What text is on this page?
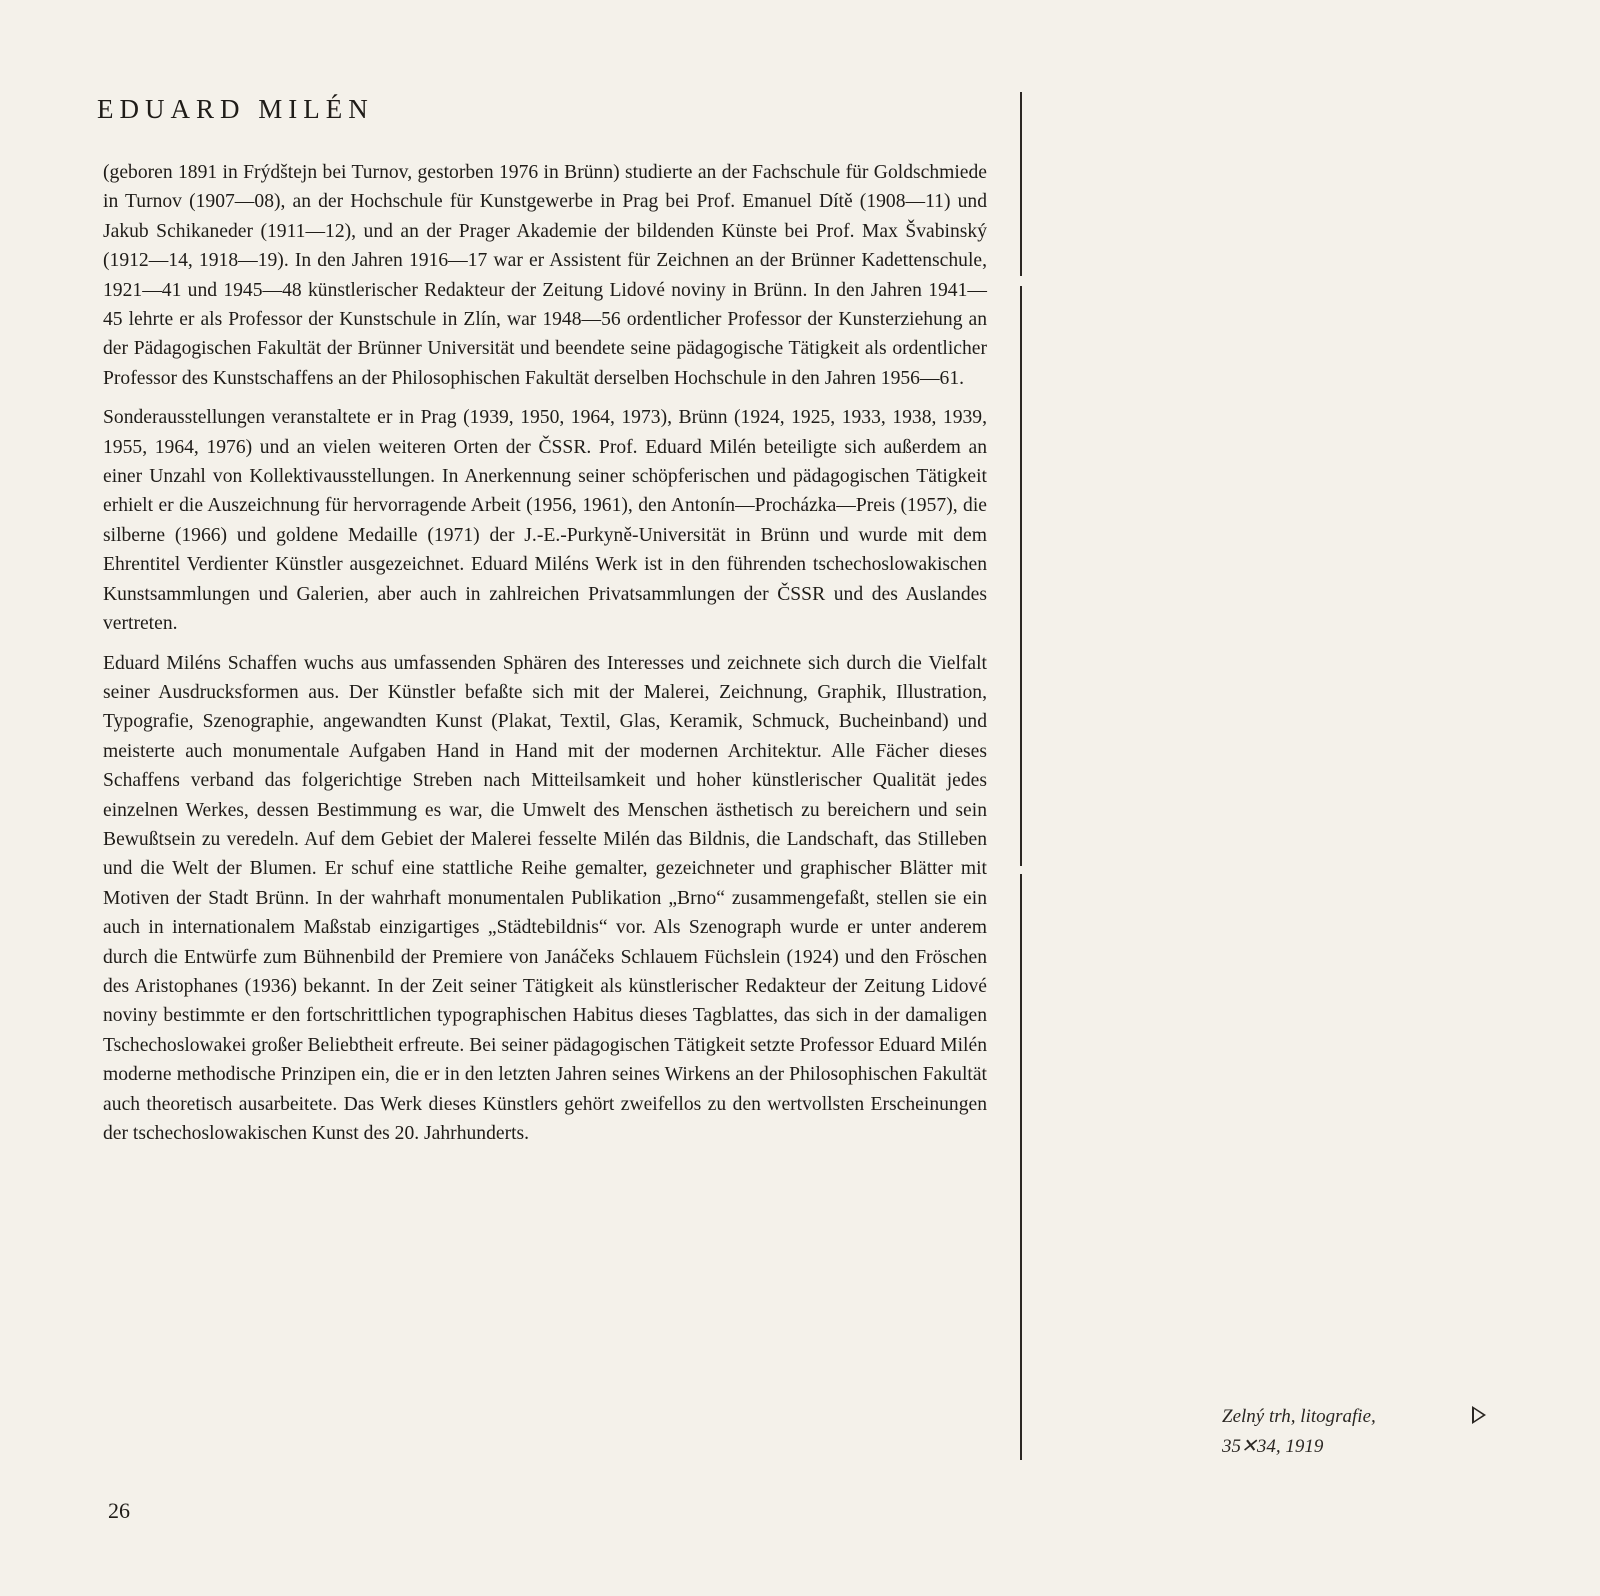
EDUARD MILÉN

(geboren 1891 in Frýdštejn bei Turnov, gestorben 1976 in Brünn) studierte an der Fachschule für Goldschmiede in Turnov (1907—08), an der Hochschule für Kunstgewerbe in Prag bei Prof. Emanuel Dítě (1908—11) und Jakub Schikaneder (1911—12), und an der Prager Akademie der bildenden Künste bei Prof. Max Švabinský (1912—14, 1918—19). In den Jahren 1916—17 war er Assistent für Zeichnen an der Brünner Kadettenschule, 1921—41 und 1945—48 künstlerischer Redakteur der Zeitung Lidové noviny in Brünn. In den Jahren 1941—45 lehrte er als Professor der Kunstschule in Zlín, war 1948—56 ordentlicher Professor der Kunsterziehung an der Pädagogischen Fakultät der Brünner Universität und beendete seine pädagogische Tätigkeit als ordentlicher Professor des Kunstschaffens an der Philosophischen Fakultät derselben Hochschule in den Jahren 1956—61.

Sonderausstellungen veranstaltete er in Prag (1939, 1950, 1964, 1973), Brünn (1924, 1925, 1933, 1938, 1939, 1955, 1964, 1976) und an vielen weiteren Orten der ČSSR. Prof. Eduard Milén beteiligte sich außerdem an einer Unzahl von Kollektivausstellungen. In Anerkennung seiner schöpferischen und pädagogischen Tätigkeit erhielt er die Auszeichnung für hervorragende Arbeit (1956, 1961), den Antonín—Procházka—Preis (1957), die silberne (1966) und goldene Medaille (1971) der J.-E.-Purkyně-Universität in Brünn und wurde mit dem Ehrentitel Verdienter Künstler ausgezeichnet. Eduard Miléns Werk ist in den führenden tschechoslowakischen Kunstsammlungen und Galerien, aber auch in zahlreichen Privatsammlungen der ČSSR und des Auslandes vertreten.

Eduard Miléns Schaffen wuchs aus umfassenden Sphären des Interesses und zeichnete sich durch die Vielfalt seiner Ausdrucksformen aus. Der Künstler befaßte sich mit der Malerei, Zeichnung, Graphik, Illustration, Typografie, Szenographie, angewandten Kunst (Plakat, Textil, Glas, Keramik, Schmuck, Bucheinband) und meisterte auch monumentale Aufgaben Hand in Hand mit der modernen Architektur. Alle Fächer dieses Schaffens verband das folgerichtige Streben nach Mitteilsamkeit und hoher künstlerischer Qualität jedes einzelnen Werkes, dessen Bestimmung es war, die Umwelt des Menschen ästhetisch zu bereichern und sein Bewußtsein zu veredeln. Auf dem Gebiet der Malerei fesselte Milén das Bildnis, die Landschaft, das Stilleben und die Welt der Blumen. Er schuf eine stattliche Reihe gemalter, gezeichneter und graphischer Blätter mit Motiven der Stadt Brünn. In der wahrhaft monumentalen Publikation „Brno“ zusammengefaßt, stellen sie ein auch in internationalem Maßstab einzigartiges „Städtebildnis“ vor. Als Szenograph wurde er unter anderem durch die Entwürfe zum Bühnenbild der Premiere von Janáčeks Schlauem Füchslein (1924) und den Fröschen des Aristophanes (1936) bekannt. In der Zeit seiner Tätigkeit als künstlerischer Redakteur der Zeitung Lidové noviny bestimmte er den fortschrittlichen typographischen Habitus dieses Tagblattes, das sich in der damaligen Tschechoslowakei großer Beliebtheit erfreute. Bei seiner pädagogischen Tätigkeit setzte Professor Eduard Milén moderne methodische Prinzipen ein, die er in den letzten Jahren seines Wirkens an der Philosophischen Fakultät auch theoretisch ausarbeitete. Das Werk dieses Künstlers gehört zweifellos zu den wertvollsten Erscheinungen der tschechoslowakischen Kunst des 20. Jahrhunderts.

Zelný trh, litografie,
35✕34, 1919
26
